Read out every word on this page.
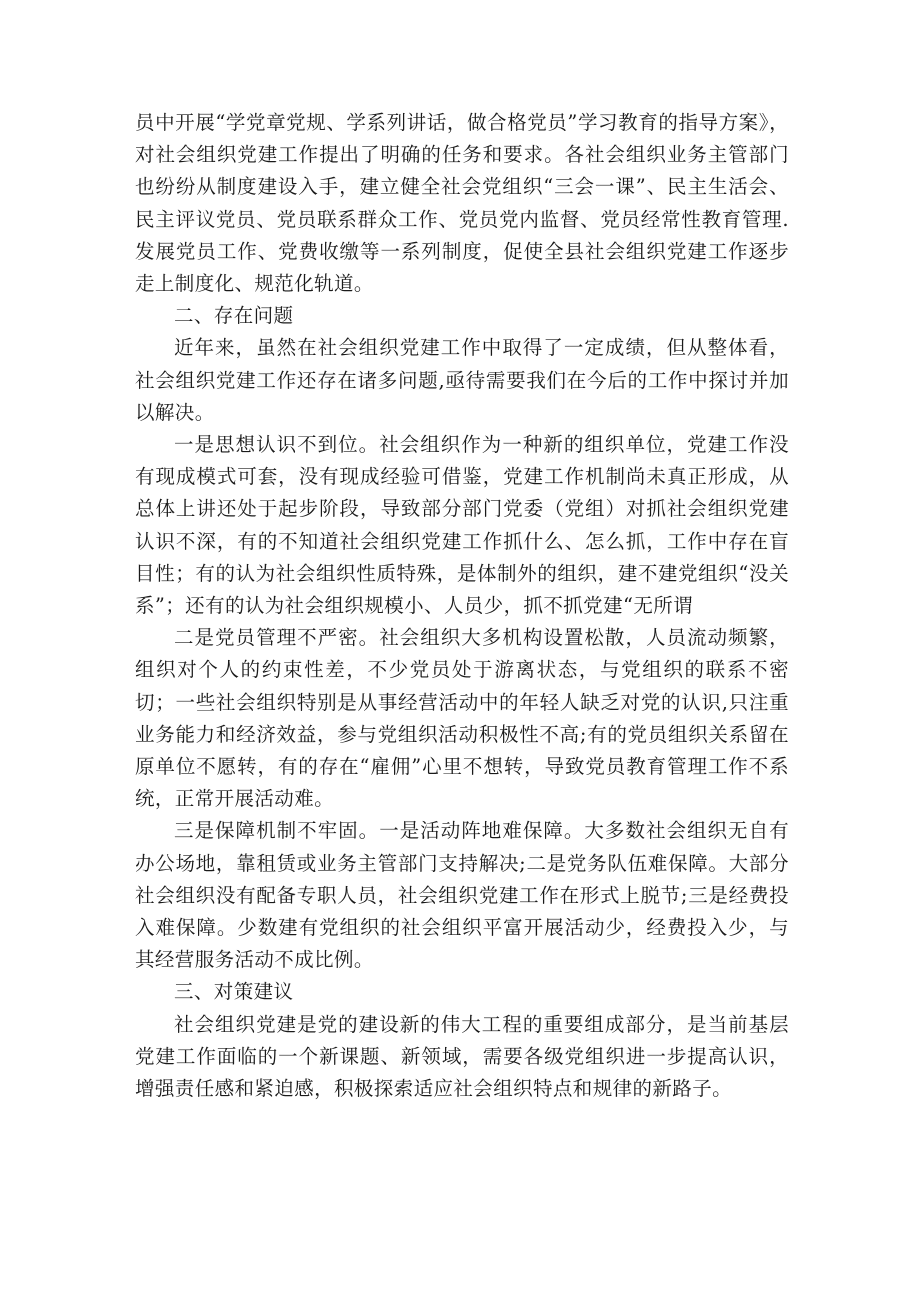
员中开展“学党章党规、学系列讲话，做合格党员”学习教育的指导方案》，对社会组织党建工作提出了明确的任务和要求。各社会组织业务主管部门也纷纷从制度建设入手，建立健全社会党组织“三会一课”、民主生活会、民主评议党员、党员联系群众工作、党员党内监督、党员经常性教育管理.发展党员工作、党费收缴等一系列制度，促使全县社会组织党建工作逐步走上制度化、规范化轨道。

二、存在问题

近年来，虽然在社会组织党建工作中取得了一定成绩，但从整体看，社会组织党建工作还存在诸多问题,亟待需要我们在今后的工作中探讨并加以解决。

一是思想认识不到位。社会组织作为一种新的组织单位，党建工作没有现成模式可套，没有现成经验可借鉴，党建工作机制尚未真正形成，从总体上讲还处于起步阶段，导致部分部门党委（党组）对抓社会组织党建认识不深，有的不知道社会组织党建工作抓什么、怎么抓，工作中存在盲目性；有的认为社会组织性质特殊，是体制外的组织，建不建党组织“没关系”；还有的认为社会组织规模小、人员少，抓不抓党建“无所谓

二是党员管理不严密。社会组织大多机构设置松散，人员流动频繁，组织对个人的约束性差，不少党员处于游离状态，与党组织的联系不密切；一些社会组织特别是从事经营活动中的年轻人缺乏对党的认识,只注重业务能力和经济效益，参与党组织活动积极性不高;有的党员组织关系留在原单位不愿转，有的存在“雇佣”心里不想转，导致党员教育管理工作不系统，正常开展活动难。

三是保障机制不牢固。一是活动阵地难保障。大多数社会组织无自有办公场地，靠租赁或业务主管部门支持解决;二是党务队伍难保障。大部分社会组织没有配备专职人员，社会组织党建工作在形式上脱节;三是经费投入难保障。少数建有党组织的社会组织平富开展活动少，经费投入少，与其经营服务活动不成比例。

三、对策建议

社会组织党建是党的建设新的伟大工程的重要组成部分，是当前基层党建工作面临的一个新课题、新领域，需要各级党组织进一步提高认识，增强责任感和紧迫感，积极探索适应社会组织特点和规律的新路子。
